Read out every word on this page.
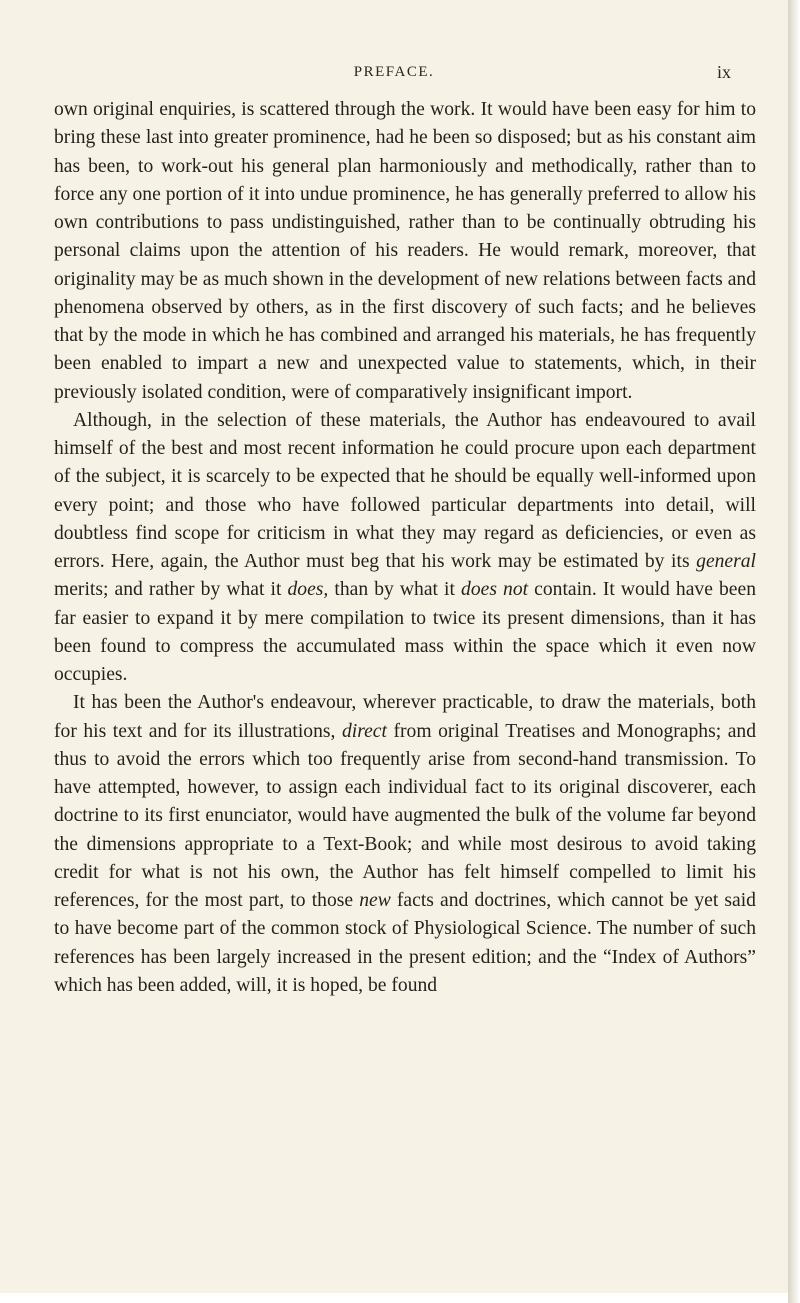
PREFACE.	ix

own original enquiries, is scattered through the work. It would have been easy for him to bring these last into greater prominence, had he been so disposed; but as his constant aim has been, to work-out his general plan harmoniously and methodically, rather than to force any one portion of it into undue prominence, he has generally preferred to allow his own contributions to pass undistinguished, rather than to be continually obtruding his personal claims upon the attention of his readers. He would remark, moreover, that originality may be as much shown in the development of new relations between facts and phenomena observed by others, as in the first discovery of such facts; and he believes that by the mode in which he has combined and arranged his materials, he has frequently been enabled to impart a new and unexpected value to statements, which, in their previously isolated condition, were of comparatively insignificant import.

Although, in the selection of these materials, the Author has endeavoured to avail himself of the best and most recent information he could procure upon each department of the subject, it is scarcely to be expected that he should be equally well-informed upon every point; and those who have followed particular departments into detail, will doubtless find scope for criticism in what they may regard as deficiencies, or even as errors. Here, again, the Author must beg that his work may be estimated by its general merits; and rather by what it does, than by what it does not contain. It would have been far easier to expand it by mere compilation to twice its present dimensions, than it has been found to compress the accumulated mass within the space which it even now occupies.

It has been the Author's endeavour, wherever practicable, to draw the materials, both for his text and for its illustrations, direct from original Treatises and Monographs; and thus to avoid the errors which too frequently arise from second-hand transmission. To have attempted, however, to assign each individual fact to its original discoverer, each doctrine to its first enunciator, would have augmented the bulk of the volume far beyond the dimensions appropriate to a Text-Book; and while most desirous to avoid taking credit for what is not his own, the Author has felt himself compelled to limit his references, for the most part, to those new facts and doctrines, which cannot be yet said to have become part of the common stock of Physiological Science. The number of such references has been largely increased in the present edition; and the “Index of Authors” which has been added, will, it is hoped, be found
